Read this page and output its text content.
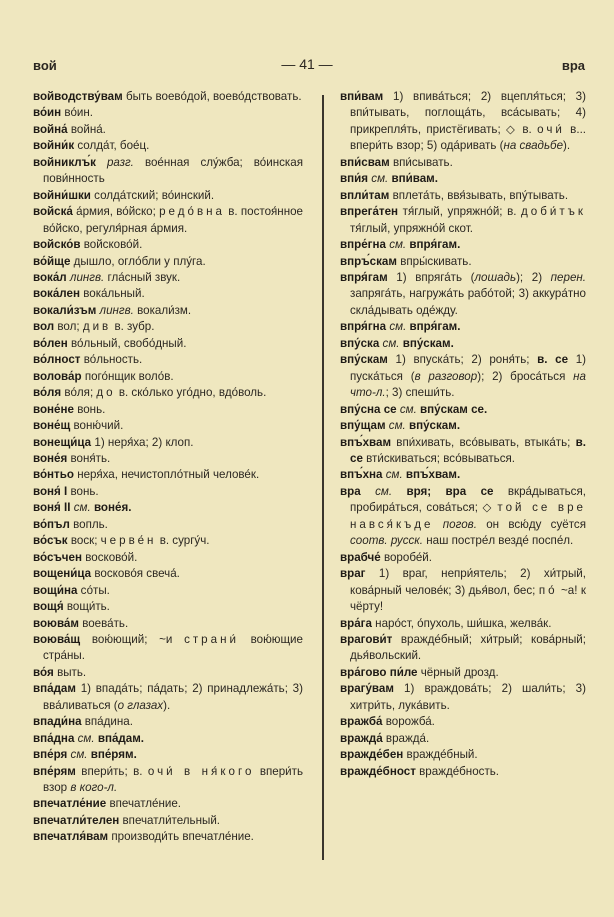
вой	— 41 —	вра
войводству́вам быть воево́дой, воево́дствовать.
во́ин во́ин.
война́ война́.
войни́к солда́т, бое́ц.
войниклъ́к разг. вое́нная слу́жба; во́инская пови́нность
войни́шки солда́тский; во́инский.
войска́ а́рмия, во́йско; редо́вна в. постоя́нное во́йско, регуля́рная а́рмия.
войско́в войсково́й.
во́йще дышло, огло́бли у плу́га.
вока́л лингв. гла́сный звук.
вока́лен вока́льный.
вокали́зъм лингв. вокали́зм.
вол вол; див в. зубр.
во́лен во́льный, свобо́дный.
во́лност во́льность.
волова́р пого́нщик воло́в.
во́ля во́ля; до в. ско́лько уго́дно, вдо́воль.
воне́не вонь.
воне́щ воню́чий.
вонещи́ца 1) неря́ха; 2) клоп.
воне́я воня́ть.
во́нтьо неря́ха, нечистопло́тный челове́к.
воня́ I вонь.
воня́ II см. воне́я.
во́пъл вопль.
во́сък воск; черве́н в. сургу́ч.
во́съчен восково́й.
вощени́ца восково́я свеча́.
вощи́на со́ты.
вощя́ вощи́ть.
воюва́м воева́ть.
воюва́щ вою́ющий; ~и страни́ вою́ющие стра́ны.
во́я выть.
впа́дам 1) впада́ть; па́дать; 2) принадлежа́ть; 3) вва́ливаться (о глазах).
впади́на впа́дина.
впа́дна см. впа́дам.
впе́ря см. впе́рям.
впе́рям впери́ть; в. очи́ в ня́кого впери́ть взор в кого-л.
впечатле́ние впечатле́ние.
впечатли́телен впечатли́тельный.
впечатля́вам производи́ть впечатле́ние.
впи́вам 1) впива́ться; 2) вцепля́ться; 3) впи́тывать, поглоща́ть, вса́сывать; 4) прикрепля́ть, пристёгивать; ◇ в. очи́ в... впери́ть взор; 5) ода́ривать (на свадьбе).
впи́свам впи́сывать.
впи́я см. впи́вам.
впли́там вплета́ть, ввя́зывать, впу́тывать.
впрега́тен тя́глый, упряжно́й; в. доби́тък тя́глый, упряжно́й скот.
впре́гна см. впря́гам.
впръ́скам впры́скивать.
впря́гам 1) впряга́ть (лошадь); 2) перен. запряга́ть, нагружа́ть рабо́той; 3) аккура́тно скла́дывать оде́жду.
впря́гна см. впря́гам.
впу́ска см. впу́скам.
впу́скам 1) впуска́ть; 2) роня́ть; в. се 1) пуска́ться (в разговор); 2) броса́ться на что-л.; 3) спеши́ть.
впу́сна се см. впу́скам се.
впу́щам см. впу́скам.
впъ́хвам впи́хивать, всо́вывать, втыка́ть; в. се вти́скиваться; всо́вываться.
впъ́хна см. впъ́хвам.
вра см. вря; вра се вкра́дываться, пробира́ться, сова́ться; ◇ той се вре нався́къде погов. он всю́ду суётся соотв. русск. наш постре́л везде́ поспе́л.
врабче́ воробе́й.
враг 1) враг, непри́ятель; 2) хи́трый, кова́рный челове́к; 3) дья́вол, бес; по́ ~а! к чёрту!
вра́га наро́ст, о́пухоль, ши́шка, желва́к.
врагови́т вражде́бный; хи́трый; кова́рный; дья́вольский.
вра́гово пи́ле чёрный дрозд.
врагу́вам 1) враждова́ть; 2) шали́ть; 3) хитри́ть, лука́вить.
вражба́ ворожба́.
вражда́ вражда́.
вражде́бен вражде́бный.
вражде́бност вражде́бность.
